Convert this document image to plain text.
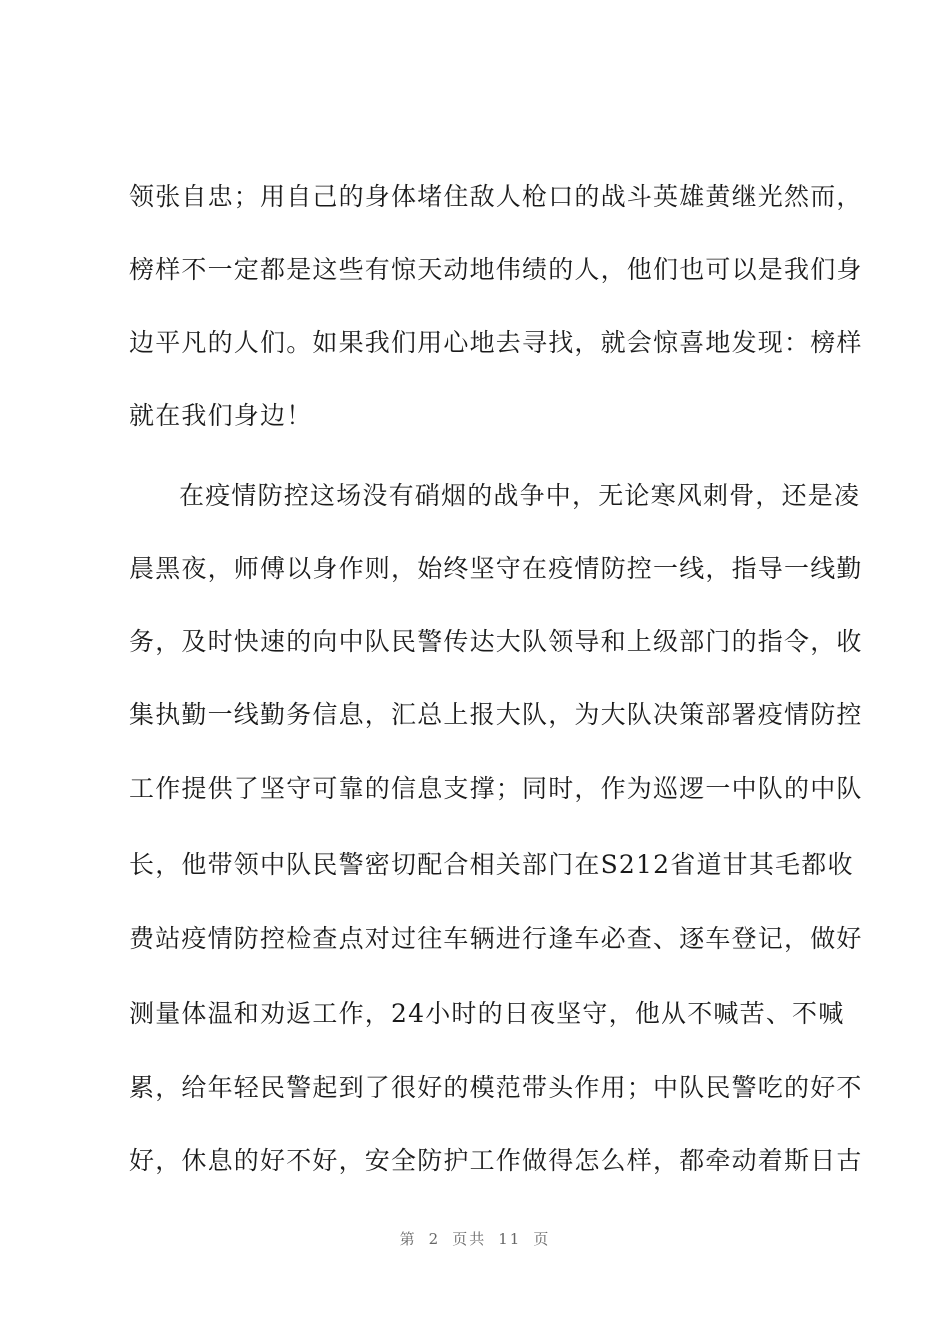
领张自忠；用自己的身体堵住敌人枪口的战斗英雄黄继光然而，
榜样不一定都是这些有惊天动地伟绩的人，他们也可以是我们身
边平凡的人们。如果我们用心地去寻找，就会惊喜地发现：榜样
就在我们身边！
在疫情防控这场没有硝烟的战争中，无论寒风刺骨，还是凌
晨黑夜，师傅以身作则，始终坚守在疫情防控一线，指导一线勤
务，及时快速的向中队民警传达大队领导和上级部门的指令，收
集执勤一线勤务信息，汇总上报大队，为大队决策部署疫情防控
工作提供了坚守可靠的信息支撑；同时，作为巡逻一中队的中队
长，他带领中队民警密切配合相关部门在S212省道甘其毛都收
费站疫情防控检查点对过往车辆进行逢车必查、逐车登记，做好
测量体温和劝返工作，24小时的日夜坚守，他从不喊苦、不喊
累，给年轻民警起到了很好的模范带头作用；中队民警吃的好不
好，休息的好不好，安全防护工作做得怎么样，都牵动着斯日古
第 2 页共 11 页
